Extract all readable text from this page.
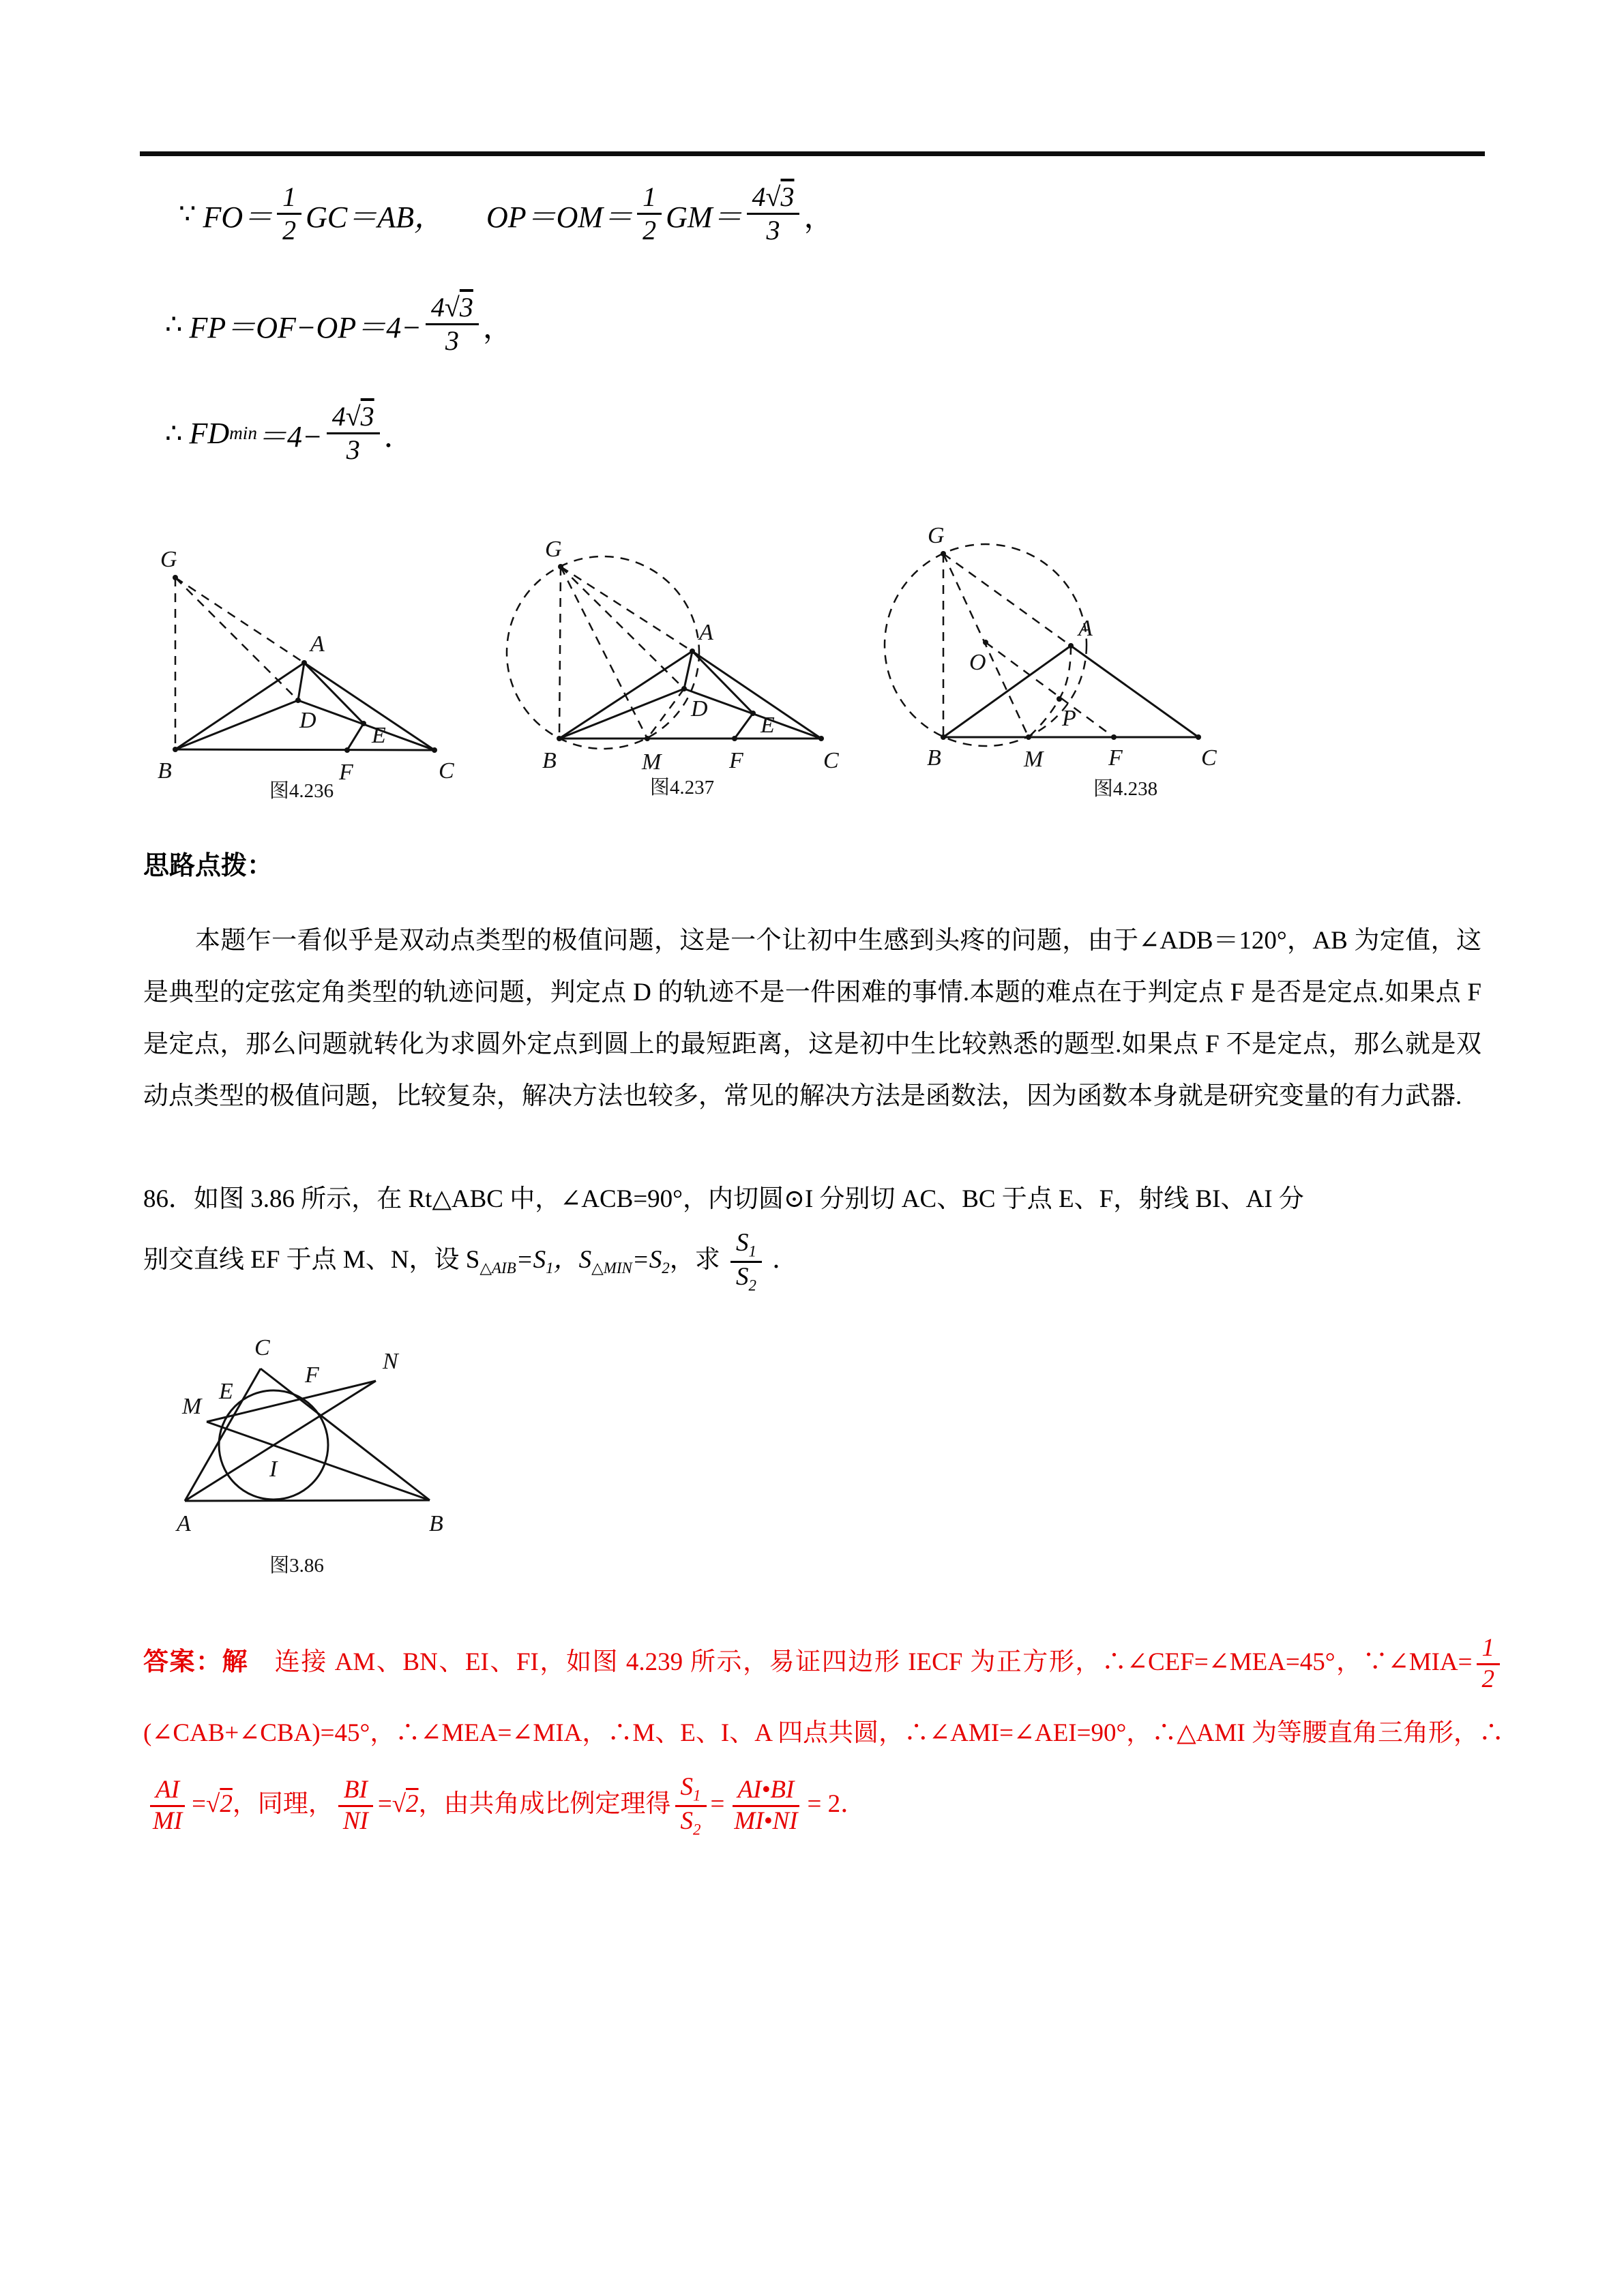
∵ $FO= \frac{1}{2} GC=AB$， $OP=OM= \frac{1}{2} GM= \frac{4√3}{3}$ ，
∴ $FP=OF-OP=4- \frac{4√3}{3}$ ，
∴ FD $\min =4- \frac{4√3}{3}$ ．
G
A
D
B
E
F	C
图4.236
G
A
D
B	M	F
E
C
图4.237
G
O
A
P
B	M	F	C
图4.238
思路点拨：
本题乍一看似乎是双动点类型的极值问题，这是一个让初中生感到头疼的问题，由于∠ADB＝120°，AB 为定值，这是典型的定弦定角类型的轨迹问题，判定点 D 的轨迹不是一件困难的事情.本题的难点在于判定点 F 是否是定点.如果点 F 是定点，那么问题就转化为求圆外定点到圆上的最短距离，这是初中生比较熟悉的题型.如果点 F 不是定点，那么就是双动点类型的极值问题，比较复杂，解决方法也较多，常见的解决方法是函数法，因为函数本身就是研究变量的有力武器.
86．如图 3.86 所示，在 Rt△ABC 中，∠ACB=90°，内切圆⊙I 分别切 AC、BC 于点 E、F，射线 BI、AI 分
别交直线 EF 于点 M、N，设 $S_{\triangle AIB}=S_1$，$S_{\triangle MIN}=S_2$，求 $\frac{S_1}{S_2}$ ．
C
F
N
E
M
I
A	B
图3.86
答案：解　连接 AM、BN、EI、FI，如图 4.239 所示，易证四边形 IECF 为正方形，∴∠CEF=∠MEA=45°，∵∠MIA= $\frac{1}{2}$
(∠CAB+∠CBA)=45°，∴∠MEA=∠MIA，∴M、E、I、A 四点共圆，∴∠AMI=∠AEI=90°，∴△AMI 为等腰直角三角形，∴
$\frac{AI}{MI} =√2$，同理， $\frac{BI}{NI} =√2$，由共角成比例定理得 $\frac{S_1}{S_2} = \frac{AI•BI}{MI•NI} = 2$．
